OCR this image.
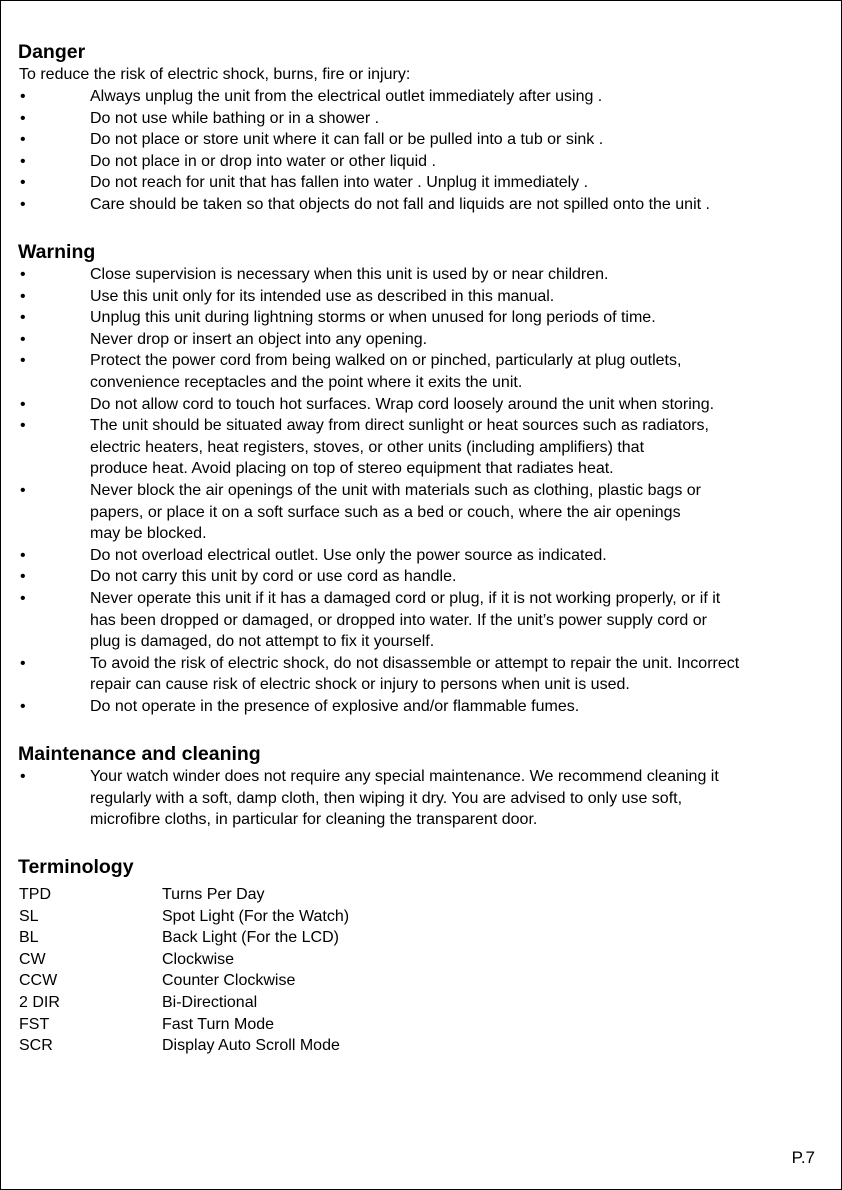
Danger
To reduce the risk of electric shock, burns, fire or injury:
•	Always unplug the unit from the electrical outlet immediately after using .
•	Do not use while bathing or in a shower .
•	Do not place or store unit where it can fall or be pulled into a tub or sink .
•	Do not place in or drop into water or other liquid .
•	Do not reach for unit that has fallen into water . Unplug it immediately .
•	Care should be taken so that objects do not fall and liquids are not spilled onto the unit .
Warning
•	Close supervision is necessary when this unit is used by or near children.
•	Use this unit only for its intended use as described in this manual.
•	Unplug this unit during lightning storms or when unused for long periods of time.
•	Never drop or insert an object into any opening.
•	Protect the power cord from being walked on or pinched, particularly at plug outlets,
convenience receptacles and the point where it exits the unit.
•	Do not allow cord to touch hot surfaces. Wrap cord loosely around the unit when storing.
•	The unit should be situated away from direct sunlight or heat sources such as radiators,
electric heaters, heat registers, stoves, or other units (including amplifiers) that
produce heat. Avoid placing on top of stereo equipment that radiates heat.
•	Never block the air openings of the unit with materials such as clothing, plastic bags or
papers, or place it on a soft surface such as a bed or couch, where the air openings
may be blocked.
•	Do not overload electrical outlet. Use only the power source as indicated.
•	Do not carry this unit by cord or use cord as handle.
•	Never operate this unit if it has a damaged cord or plug, if it is not working properly, or if it
has been dropped or damaged, or dropped into water. If the unit’s power supply cord or
plug is damaged, do not attempt to fix it yourself.
•	To avoid the risk of electric shock, do not disassemble or attempt to repair the unit. Incorrect
repair can cause risk of electric shock or injury to persons when unit is used.
•	Do not operate in the presence of explosive and/or flammable fumes.
Maintenance and cleaning
•	Your watch winder does not require any special maintenance. We recommend cleaning it
regularly with a soft, damp cloth, then wiping it dry. You are advised to only use soft,
microfibre cloths, in particular for cleaning the transparent door.
Terminology
TPD	Turns Per Day
SL	Spot Light (For the Watch)
BL	Back Light (For the LCD)
CW	Clockwise
CCW	Counter Clockwise
2 DIR	Bi-Directional
FST	Fast Turn Mode
SCR	Display Auto Scroll Mode
P.7
